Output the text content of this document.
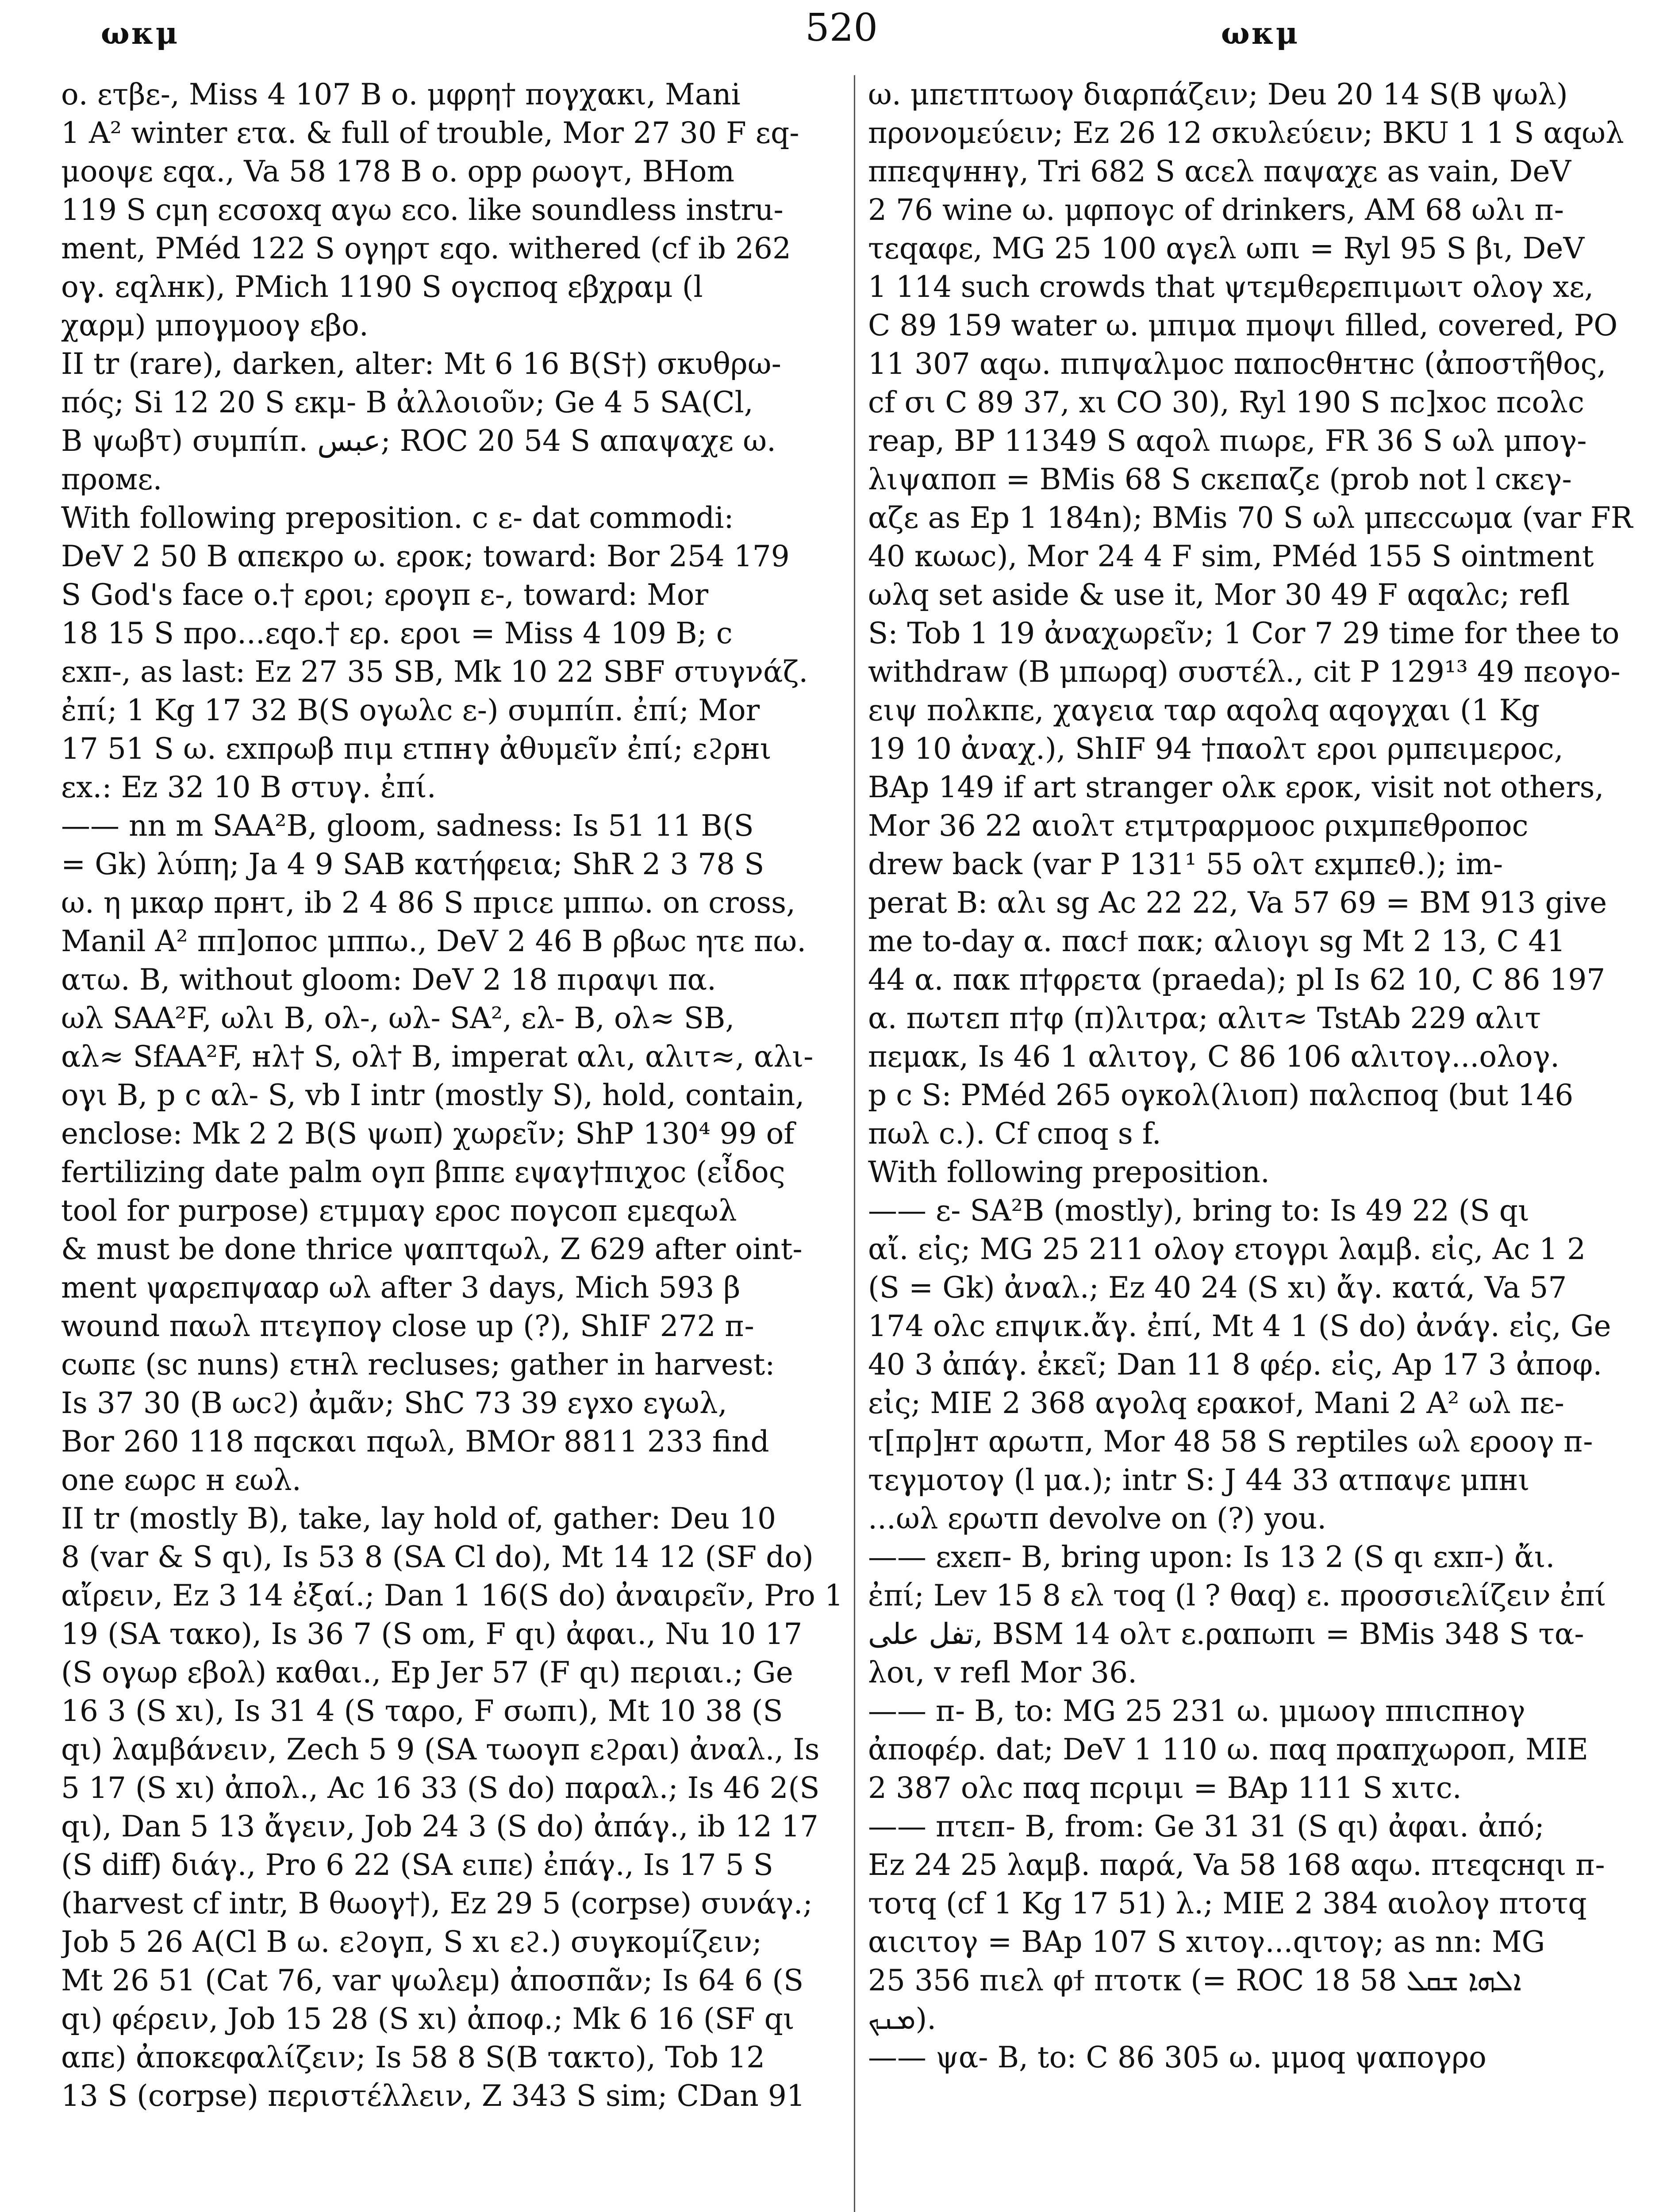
ωκμ	520	ωκμ
ο. ετβε-, Miss 4 107 B ο. μφρη† πογχακι, Mani
1 A² winter ετα. & full of trouble, Mor 27 30 F εq-
μοοψε εqα., Va 58 178 B ο. opp ρωογτ, BHom
119 S cμη εcσoxq αγω εco. like soundless instru-
ment, PMéd 122 S ογηρτ εqo. withered (cf ib 262
ογ. εqλнκ), PMich 1190 S ογcпоq εβχραμ (l
χαρμ) μпоγμοογ εβο.
II tr (rare), darken, alter: Mt 6 16 B(S†) σκυθρω-
πός; Si 12 20 S εκμ- B ἀλλοιοῦν; Ge 4 5 SA(Cl,
B ψωβτ) συμπίπ. عبس; ROC 20 54 S απαψαχε ω.
πρoмε.
With following preposition. c ε- dat commodi:
DeV 2 50 B απεκρο ω. εροκ; toward: Bor 254 179
S God's face o.† εροι; ερογπ ε-, toward: Mor
18 15 S προ...εqo.† ερ. εροι = Miss 4 109 B; c
εxπ-, as last: Ez 27 35 SB, Mk 10 22 SBF στυγνάζ.
ἐπί; 1 Kg 17 32 B(S ογωλc ε-) συμπίπ. ἐπί; Mor
17 51 S ω. εxπρωβ πιμ ετпнγ ἀθυμεῖν ἐπί; εϩρнι
εx.: Ez 32 10 B στυγ. ἐπί.
—— nn m SAA²B, gloom, sadness: Is 51 11 B(S
= Gk) λύπη; Ja 4 9 SAB κατήφεια; ShR 2 3 78 S
ω. η μκαρ πρнτ, ib 2 4 86 S πpιcε μππω. on cross,
Manil A² ππ]οпоc μππω., DeV 2 46 B ρβωc ητε πω.
ατω. B, without gloom: DeV 2 18 πιραψι πα.
ωλ SAA²F, ωλι B, oλ-, ωλ- SA², ελ- B, oλ≈ SB,
αλ≈ SfAA²F, нλ† S, oλ† B, imperat αλι, αλιτ≈, αλι-
ογι B, p c αλ- S, vb I intr (mostly S), hold, contain,
enclose: Mk 2 2 B(S ψωπ) χωρεῖν; ShP 130⁴ 99 of
fertilizing date palm ογπ βππε εψαγ†πιχοc (εἶδος
tool for purpose) ετμμαγ εροc πογcοπ εμεqωλ
& must be done thrice ψαπτqωλ, Z 629 after oint-
ment ψαρεπψααρ ωλ after 3 days, Mich 593 β
wound παωλ πτεγпоγ close up (?), ShIF 272 п-
cωпε (sc nuns) ετнλ recluses; gather in harvest:
Is 37 30 (B ωcϩ) ἀμᾶν; ShC 73 39 εγxο εγωλ,
Bor 260 118 πqcκαι πqωλ, BMOr 8811 233 find
one εωρc н εωλ.
II tr (mostly B), take, lay hold of, gather: Deu 10
8 (var & S qι), Is 53 8 (SA Cl do), Mt 14 12 (SF do)
αἴρειν, Ez 3 14 ἐξαί.; Dan 1 16(S do) ἀναιρεῖν, Pro 1
19 (SA τακο), Is 36 7 (S om, F qι) ἀφαι., Nu 10 17
(S ογωρ εβολ) καθαι., Ep Jer 57 (F qι) περιαι.; Ge
16 3 (S xι), Is 31 4 (S ταρο, F σωπι), Mt 10 38 (S
qι) λαμβάνειν, Zech 5 9 (SA τωογп εϩραι) ἀναλ., Is
5 17 (S xι) ἀπολ., Ac 16 33 (S do) παραλ.; Is 46 2(S
qι), Dan 5 13 ἄγειν, Job 24 3 (S do) ἀπάγ., ib 12 17
(S diff) διάγ., Pro 6 22 (SA ειπε) ἐπάγ., Is 17 5 S
(harvest cf intr, B θωογ†), Ez 29 5 (corpse) συνάγ.;
Job 5 26 A(Cl B ω. εϩογп, S xι εϩ.) συγκομίζειν;
Mt 26 51 (Cat 76, var ψωλεμ) ἀποσπᾶν; Is 64 6 (S
qι) φέρειν, Job 15 28 (S xι) ἀποφ.; Mk 6 16 (SF qι
απε) ἀποκεφαλίζειν; Is 58 8 S(B τακτο), Tob 12
13 S (corpse) περιστέλλειν, Z 343 S sim; CDan 91
ω. μπετπτωογ διαρπάζειν; Deu 20 14 S(B ψωλ)
προνομεύειν; Ez 26 12 σκυλεύειν; BKU 1 1 S αqωλ
ππεqψннγ, Tri 682 S αcελ παψαχε as vain, DeV
2 76 wine ω. μφпογc of drinkers, AM 68 ωλι п-
τεqαφε, MG 25 100 αγελ ωπι = Ryl 95 S βι, DeV
1 114 such crowds that ψτεμθερεπιμωιτ ολογ xε,
C 89 159 water ω. μπιμα πμοψι filled, covered, PO
11 307 αqω. πιпψαλμοc παποcθнτнc (ἀποστῆθος,
cf σι C 89 37, xι CO 30), Ryl 190 S πc]xοc πcολc
reap, BP 11349 S αqολ πιωρε, FR 36 S ωλ μπογ-
λιψαποπ = BMis 68 S cκεπαζε (prob not l cκεγ-
αζε as Ep 1 184n); BMis 70 S ωλ μπεccωμα (var FR
40 κωωc), Mor 24 4 F sim, PMéd 155 S ointment
ωλq set aside & use it, Mor 30 49 F αqαλc; refl
S: Tob 1 19 ἀναχωρεῖν; 1 Cor 7 29 time for thee to
withdraw (B μπωρq) συστέλ., cit P 129¹³ 49 πεογο-
ειψ πολκπε, χαγεια ταρ αqολq αqογχαι (1 Kg
19 10 ἀναχ.), ShIF 94 †παολτ εροι ρμπειμεροc,
BAp 149 if art stranger ολκ εροκ, visit not others,
Mor 36 22 αιολτ ετμτραρμοοc ριxμπεθροποc
drew back (var P 131¹ 55 ολτ εxμπεθ.); im-
perat B: αλι sg Ac 22 22, Va 57 69 = BM 913 give
me to-day α. παcϯ παк; αλιογι sg Mt 2 13, C 41
44 α. παк π†φρετα (praeda); pl Is 62 10, C 86 197
α. πωτεп п†φ (п)λιτρα; αλιτ≈ TstAb 229 αλιτ
πεμακ, Is 46 1 αλιτογ, C 86 106 αλιτογ...ολογ.
p c S: PMéd 265 ογκολ(λιοп) παλcпоq (but 146
πωλ c.). Cf cπоq s f.
With following preposition.
—— ε- SA²B (mostly), bring to: Is 49 22 (S qι
αἴ. εἰς; MG 25 211 ολογ ετογρι λαμβ. εἰς, Ac 1 2
(S = Gk) ἀναλ.; Ez 40 24 (S xι) ἄγ. κατά, Va 57
174 ολc επψικ.ἄγ. ἐπί, Mt 4 1 (S do) ἀνάγ. εἰς, Ge
40 3 ἀπάγ. ἐκεῖ; Dan 11 8 φέρ. εἰς, Ap 17 3 ἀποφ.
εἰς; MIE 2 368 αγολq εραкоϯ, Mani 2 A² ωλ πε-
τ[πρ]нт αρωτп, Mor 48 58 S reptiles ωλ εροογ п-
τεγμοτογ (l μα.); intr S: J 44 33 ατπαψε μπнι
...ωλ ερωτп devolve on (?) you.
—— εxεп- B, bring upon: Is 13 2 (S qι εxπ-) ἄι.
ἐπί; Lev 15 8 ελ τοq (l ? θαq) ε. προσσιελίζειν ἐπί
تفل على, BSM 14 ολτ ε.ραпωπι = BMis 348 S τα-
λοι, v refl Mor 36.
—— п- B, to: MG 25 231 ω. μμωογ ππιcпнογ
ἀποφέρ. dat; DeV 1 110 ω. παq πραπχωροп, MIE
2 387 ολc παq πcριμι = BAp 111 S xιτc.
—— πτεп- B, from: Ge 31 31 (S qι) ἀφαι. ἀπό;
Ez 24 25 λαμβ. παρά, Va 58 168 αqω. πτεqcнqι п-
τοτq (cf 1 Kg 17 51) λ.; MIE 2 384 αιολογ πτοτq
αιcιτογ = BAp 107 S xιτογ...qιτογ; as nn: MG
25 356 πιελ φϯ πτοτκ (= ROC 18 58 ܐܠܗܐ ܫܩܠ
ܡܢܟ).
—— ψα- B, to: C 86 305 ω. μμοq ψαπογρο
